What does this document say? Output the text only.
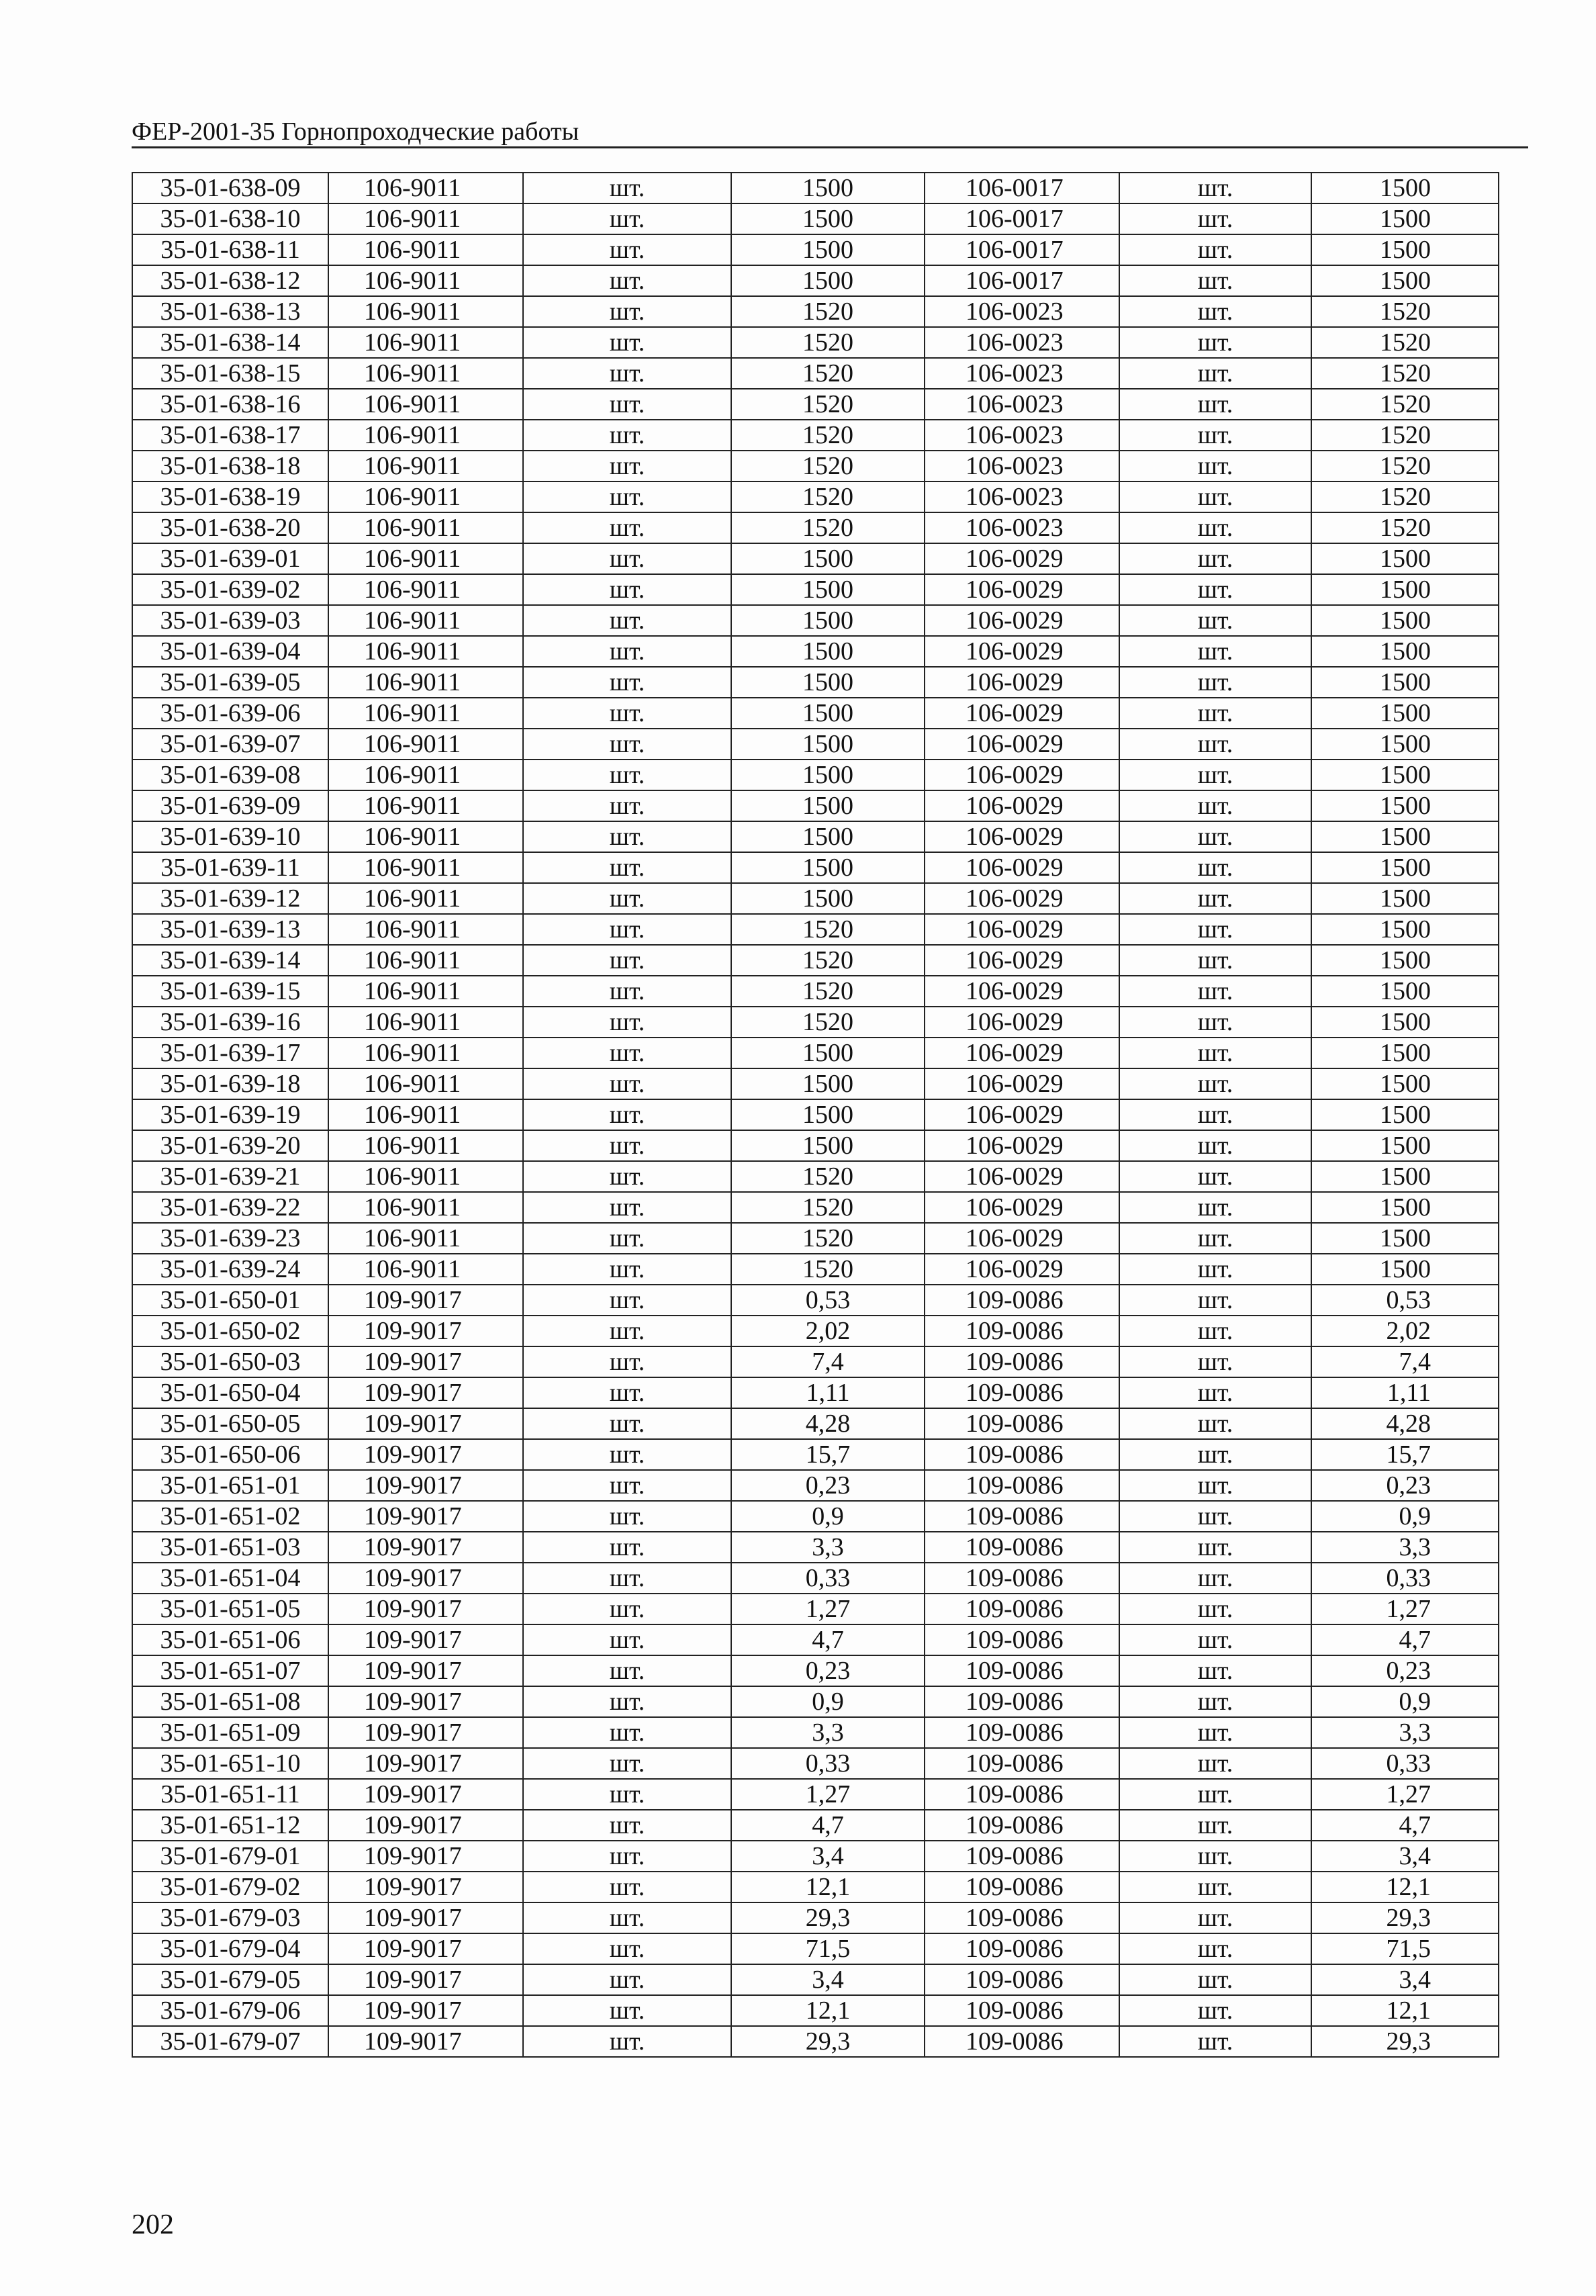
ФЕР-2001-35 Горнопроходческие работы
35-01-638-09	106-9011	шт.	1500	106-0017	шт.	1500
35-01-638-10	106-9011	шт.	1500	106-0017	шт.	1500
35-01-638-11	106-9011	шт.	1500	106-0017	шт.	1500
35-01-638-12	106-9011	шт.	1500	106-0017	шт.	1500
35-01-638-13	106-9011	шт.	1520	106-0023	шт.	1520
35-01-638-14	106-9011	шт.	1520	106-0023	шт.	1520
35-01-638-15	106-9011	шт.	1520	106-0023	шт.	1520
35-01-638-16	106-9011	шт.	1520	106-0023	шт.	1520
35-01-638-17	106-9011	шт.	1520	106-0023	шт.	1520
35-01-638-18	106-9011	шт.	1520	106-0023	шт.	1520
35-01-638-19	106-9011	шт.	1520	106-0023	шт.	1520
35-01-638-20	106-9011	шт.	1520	106-0023	шт.	1520
35-01-639-01	106-9011	шт.	1500	106-0029	шт.	1500
35-01-639-02	106-9011	шт.	1500	106-0029	шт.	1500
35-01-639-03	106-9011	шт.	1500	106-0029	шт.	1500
35-01-639-04	106-9011	шт.	1500	106-0029	шт.	1500
35-01-639-05	106-9011	шт.	1500	106-0029	шт.	1500
35-01-639-06	106-9011	шт.	1500	106-0029	шт.	1500
35-01-639-07	106-9011	шт.	1500	106-0029	шт.	1500
35-01-639-08	106-9011	шт.	1500	106-0029	шт.	1500
35-01-639-09	106-9011	шт.	1500	106-0029	шт.	1500
35-01-639-10	106-9011	шт.	1500	106-0029	шт.	1500
35-01-639-11	106-9011	шт.	1500	106-0029	шт.	1500
35-01-639-12	106-9011	шт.	1500	106-0029	шт.	1500
35-01-639-13	106-9011	шт.	1520	106-0029	шт.	1500
35-01-639-14	106-9011	шт.	1520	106-0029	шт.	1500
35-01-639-15	106-9011	шт.	1520	106-0029	шт.	1500
35-01-639-16	106-9011	шт.	1520	106-0029	шт.	1500
35-01-639-17	106-9011	шт.	1500	106-0029	шт.	1500
35-01-639-18	106-9011	шт.	1500	106-0029	шт.	1500
35-01-639-19	106-9011	шт.	1500	106-0029	шт.	1500
35-01-639-20	106-9011	шт.	1500	106-0029	шт.	1500
35-01-639-21	106-9011	шт.	1520	106-0029	шт.	1500
35-01-639-22	106-9011	шт.	1520	106-0029	шт.	1500
35-01-639-23	106-9011	шт.	1520	106-0029	шт.	1500
35-01-639-24	106-9011	шт.	1520	106-0029	шт.	1500
35-01-650-01	109-9017	шт.	0,53	109-0086	шт.	0,53
35-01-650-02	109-9017	шт.	2,02	109-0086	шт.	2,02
35-01-650-03	109-9017	шт.	7,4	109-0086	шт.	7,4
35-01-650-04	109-9017	шт.	1,11	109-0086	шт.	1,11
35-01-650-05	109-9017	шт.	4,28	109-0086	шт.	4,28
35-01-650-06	109-9017	шт.	15,7	109-0086	шт.	15,7
35-01-651-01	109-9017	шт.	0,23	109-0086	шт.	0,23
35-01-651-02	109-9017	шт.	0,9	109-0086	шт.	0,9
35-01-651-03	109-9017	шт.	3,3	109-0086	шт.	3,3
35-01-651-04	109-9017	шт.	0,33	109-0086	шт.	0,33
35-01-651-05	109-9017	шт.	1,27	109-0086	шт.	1,27
35-01-651-06	109-9017	шт.	4,7	109-0086	шт.	4,7
35-01-651-07	109-9017	шт.	0,23	109-0086	шт.	0,23
35-01-651-08	109-9017	шт.	0,9	109-0086	шт.	0,9
35-01-651-09	109-9017	шт.	3,3	109-0086	шт.	3,3
35-01-651-10	109-9017	шт.	0,33	109-0086	шт.	0,33
35-01-651-11	109-9017	шт.	1,27	109-0086	шт.	1,27
35-01-651-12	109-9017	шт.	4,7	109-0086	шт.	4,7
35-01-679-01	109-9017	шт.	3,4	109-0086	шт.	3,4
35-01-679-02	109-9017	шт.	12,1	109-0086	шт.	12,1
35-01-679-03	109-9017	шт.	29,3	109-0086	шт.	29,3
35-01-679-04	109-9017	шт.	71,5	109-0086	шт.	71,5
35-01-679-05	109-9017	шт.	3,4	109-0086	шт.	3,4
35-01-679-06	109-9017	шт.	12,1	109-0086	шт.	12,1
35-01-679-07	109-9017	шт.	29,3	109-0086	шт.	29,3
202
